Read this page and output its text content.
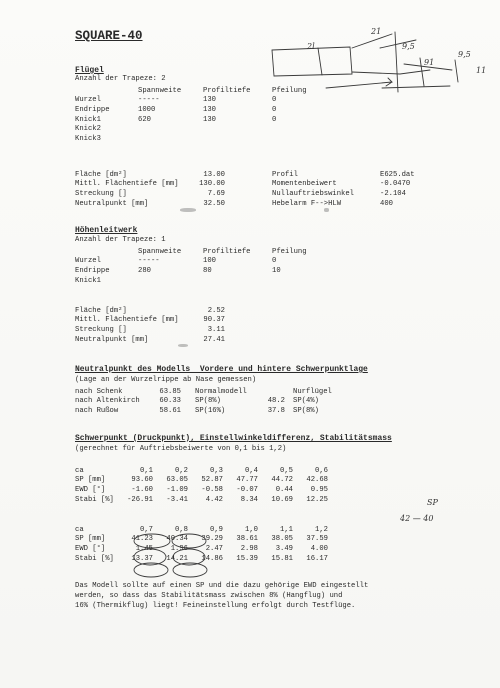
SQUARE-40
Flügel
Anzahl der Trapeze: 2
	Spannweite	Profiltiefe	Pfeilung
Wurzel	-----	130	0
Endrippe	1000	130	0
Knick1	620	130	0
Knick2			
Knick3			
Fläche [dm²]	13.00
Mittl. Flächentiefe [mm]	130.00
Streckung []	7.69
Neutralpunkt [mm]	32.50
Profil	E625.dat
Momentenbeiwert	-0.0470
Nullauftriebswinkel	-2.104
Hebelarm F-->HLW	400
Höhenleitwerk
Anzahl der Trapeze: 1
	Spannweite	Profiltiefe	Pfeilung
Wurzel	-----	100	0
Endrippe	280	80	10
Knick1			
Fläche [dm²]	2.52
Mittl. Flächentiefe [mm]	90.37
Streckung []	3.11
Neutralpunkt [mm]	27.41
Neutralpunkt des Modells  Vordere und hintere Schwerpunktlage
(Lage an der Wurzelrippe ab Nase gemessen)
nach Schenk	63.85		Normalmodell			Nurflügel
nach Altenkirch	60.33		SP(8%)	48.2		SP(4%)
nach Rußow	58.61		SP(16%)	37.8		SP(8%)
Schwerpunkt (Druckpunkt), Einstellwinkeldifferenz, Stabilitätsmass
(gerechnet für Auftriebsbeiwerte von 0,1 bis 1,2)
ca	0,1	0,2	0,3	0,4	0,5	0,6
SP [mm]	93.60	63.05	52.87	47.77	44.72	42.68
EWD [°]	-1.60	-1.09	-0.58	-0.07	0.44	0.95
Stabi [%]	-26.91	-3.41	4.42	8.34	10.69	12.25
ca	0,7	0,8	0,9	1,0	1,1	1,2
SP [mm]	41.23	40.34	39.29	38.61	38.05	37.59
EWD [°]	1.45	1.96	2.47	2.98	3.49	4.00
Stabi [%]	13.37	14.21	14.86	15.39	15.81	16.17
Das Modell sollte auf einen SP und die dazu gehörige EWD eingestellt
werden, so dass das Stabilitätsmass zwischen 8% (Hangflug) und
16% (Thermikflug) liegt! Feineinstellung erfolgt durch Testflüge.
2l
21
9,5
9,5
91
11
SP
42 — 40
